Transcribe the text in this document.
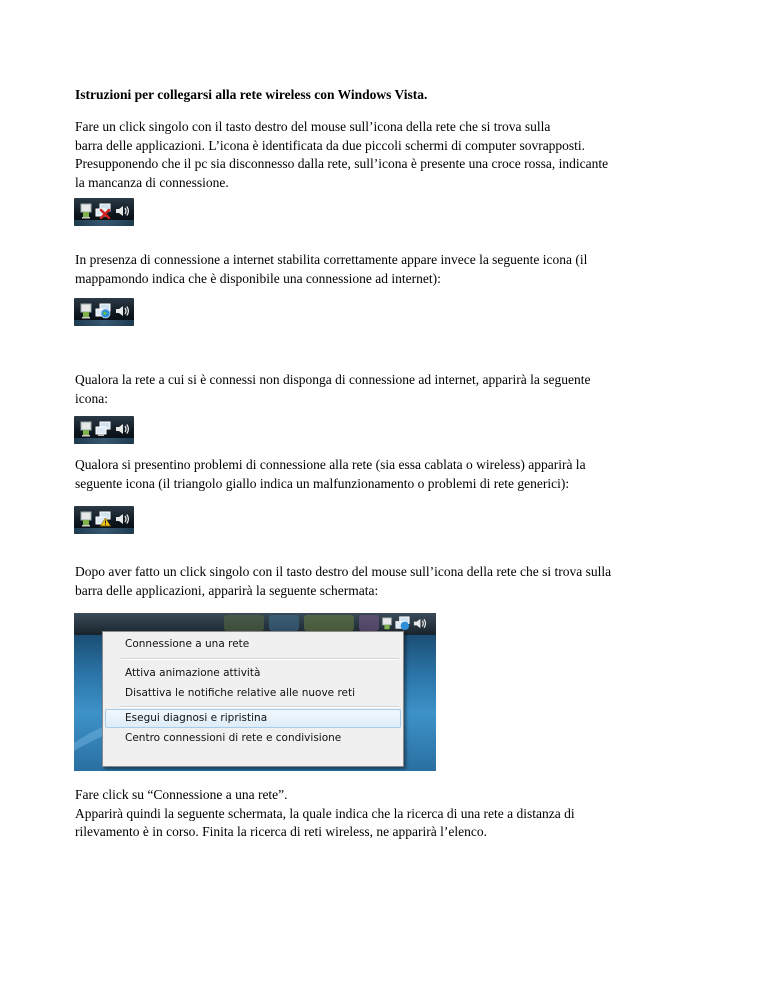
Istruzioni per collegarsi alla rete wireless con Windows Vista.
Fare un click singolo con il tasto destro del mouse sull’icona della rete che si trova sulla
barra delle applicazioni. L’icona è identificata da due piccoli schermi di computer sovrapposti.
Presupponendo che il pc sia disconnesso dalla rete, sull’icona è presente una croce rossa, indicante
la mancanza di connessione.
In presenza di connessione a internet stabilita correttamente appare invece la seguente icona (il
mappamondo indica che è disponibile una connessione ad internet):
Qualora la rete a cui si è connessi non disponga di connessione ad internet, apparirà la seguente
icona:
Qualora si presentino problemi di connessione alla rete (sia essa cablata o wireless) apparirà la
seguente icona (il triangolo giallo indica un malfunzionamento o problemi di rete generici):
Dopo aver fatto un click singolo con il tasto destro del mouse sull’icona della rete che si trova sulla
barra delle applicazioni, apparirà la seguente schermata:
Connessione a una rete
Attiva animazione attività
Disattiva le notifiche relative alle nuove reti
Esegui diagnosi e ripristina
Centro connessioni di rete e condivisione
Fare click su “Connessione a una rete”.
Apparirà quindi la seguente schermata, la quale indica che la ricerca di una rete a distanza di
rilevamento è in corso. Finita la ricerca di reti wireless, ne apparirà l’elenco.
